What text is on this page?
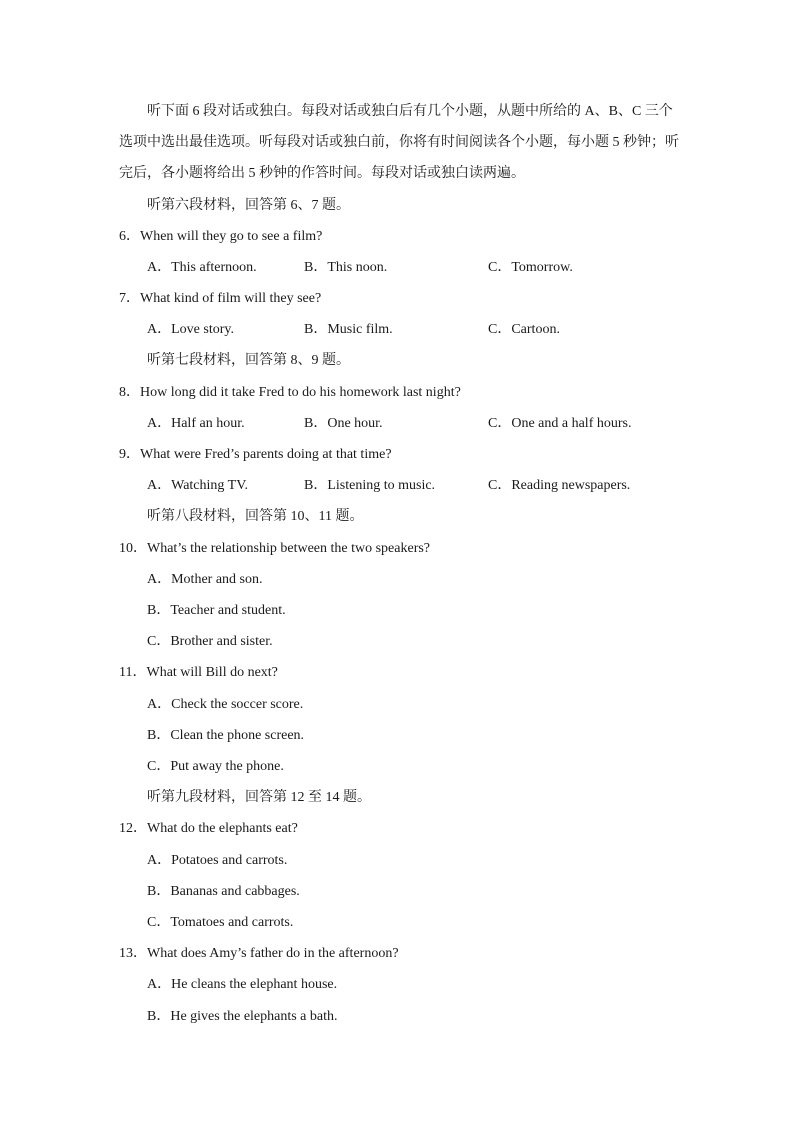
听下面 6 段对话或独白。每段对话或独白后有几个小题，从题中所给的 A、B、C 三个
选项中选出最佳选项。听每段对话或独白前，你将有时间阅读各个小题，每小题 5 秒钟；听
完后，各小题将给出 5 秒钟的作答时间。每段对话或独白读两遍。
听第六段材料，回答第 6、7 题。
6．When will they go to see a film?
A．This afternoon.	B．This noon.	C．Tomorrow.
7．What kind of film will they see?
A．Love story.	B．Music film.	C．Cartoon.
听第七段材料，回答第 8、9 题。
8．How long did it take Fred to do his homework last night?
A．Half an hour.	B．One hour.	C．One and a half hours.
9．What were Fred’s parents doing at that time?
A．Watching TV.	B．Listening to music.	C．Reading newspapers.
听第八段材料，回答第 10、11 题。
10．What’s the relationship between the two speakers?
A．Mother and son.
B．Teacher and student.
C．Brother and sister.
11．What will Bill do next?
A．Check the soccer score.
B．Clean the phone screen.
C．Put away the phone.
听第九段材料，回答第 12 至 14 题。
12．What do the elephants eat?
A．Potatoes and carrots.
B．Bananas and cabbages.
C．Tomatoes and carrots.
13．What does Amy’s father do in the afternoon?
A．He cleans the elephant house.
B．He gives the elephants a bath.
